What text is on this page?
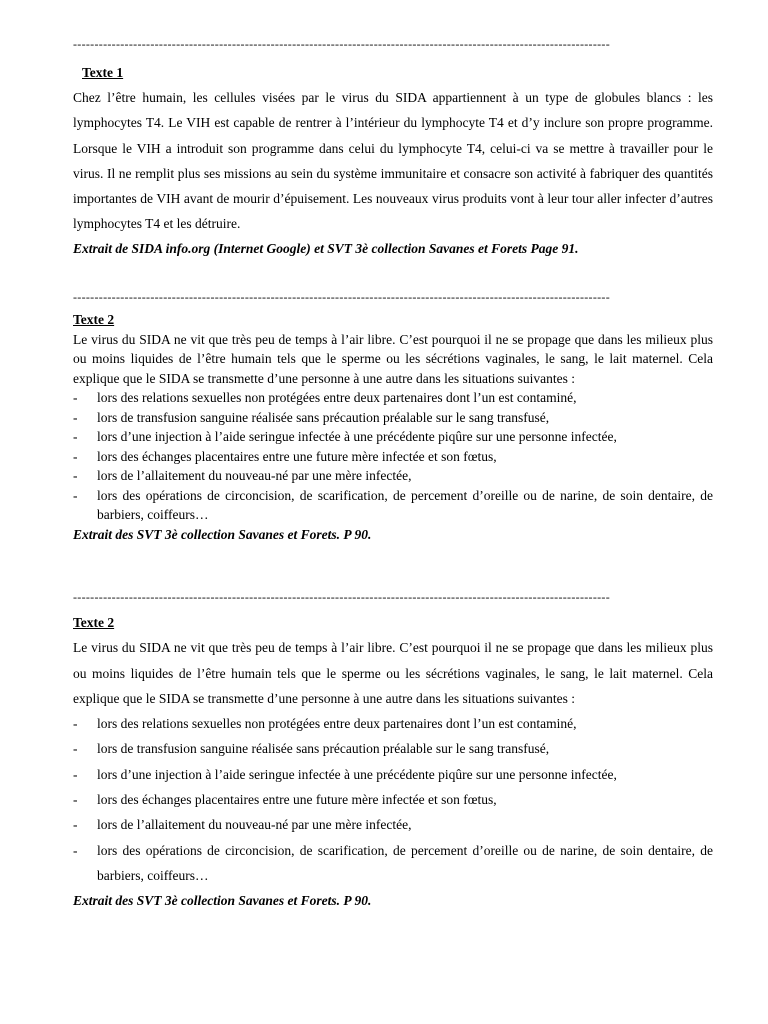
-----------------------------------------------------------------------------------------------------------------------------
Texte 1
Chez l’être humain, les cellules visées par le virus du SIDA appartiennent à un type de globules blancs : les lymphocytes T4. Le VIH est capable de rentrer à l’intérieur du lymphocyte T4 et d’y inclure son propre programme. Lorsque le VIH a introduit son programme dans celui du lymphocyte T4, celui-ci va se mettre à travailler pour le virus. Il ne remplit plus ses missions au sein du système immunitaire et consacre son activité à fabriquer des quantités importantes de VIH avant de mourir d’épuisement. Les nouveaux virus produits vont à leur tour aller infecter d’autres lymphocytes T4 et les détruire.
Extrait de SIDA info.org (Internet Google) et SVT 3è collection Savanes et Forets Page 91.
-----------------------------------------------------------------------------------------------------------------------------
Texte 2
Le virus du SIDA ne vit que très peu de temps à l’air libre. C’est pourquoi il ne se propage que dans les milieux plus ou moins liquides de l’être humain tels que le sperme ou les sécrétions vaginales, le sang, le lait maternel. Cela explique que le SIDA se transmette d’une personne à une autre dans les situations suivantes :
- lors des relations sexuelles non protégées entre deux partenaires dont l’un est contaminé,
- lors de transfusion sanguine réalisée sans précaution préalable sur le sang transfusé,
- lors d’une injection à l’aide seringue infectée à une précédente piqûre sur une personne infectée,
- lors des échanges placentaires entre une future mère infectée et son fœtus,
- lors de l’allaitement du nouveau-né par une mère infectée,
- lors des opérations de circoncision, de scarification, de percement d’oreille ou de narine, de soin dentaire, de barbiers, coiffeurs…
Extrait des SVT 3è collection Savanes et Forets. P 90.
-----------------------------------------------------------------------------------------------------------------------------
Texte 2
Le virus du SIDA ne vit que très peu de temps à l’air libre. C’est pourquoi il ne se propage que dans les milieux plus ou moins liquides de l’être humain tels que le sperme ou les sécrétions vaginales, le sang, le lait maternel. Cela explique que le SIDA se transmette d’une personne à une autre dans les situations suivantes :
- lors des relations sexuelles non protégées entre deux partenaires dont l’un est contaminé,
- lors de transfusion sanguine réalisée sans précaution préalable sur le sang transfusé,
- lors d’une injection à l’aide seringue infectée à une précédente piqûre sur une personne infectée,
- lors des échanges placentaires entre une future mère infectée et son fœtus,
- lors de l’allaitement du nouveau-né par une mère infectée,
- lors des opérations de circoncision, de scarification, de percement d’oreille ou de narine, de soin dentaire, de barbiers, coiffeurs…
Extrait des SVT 3è collection Savanes et Forets. P 90.
